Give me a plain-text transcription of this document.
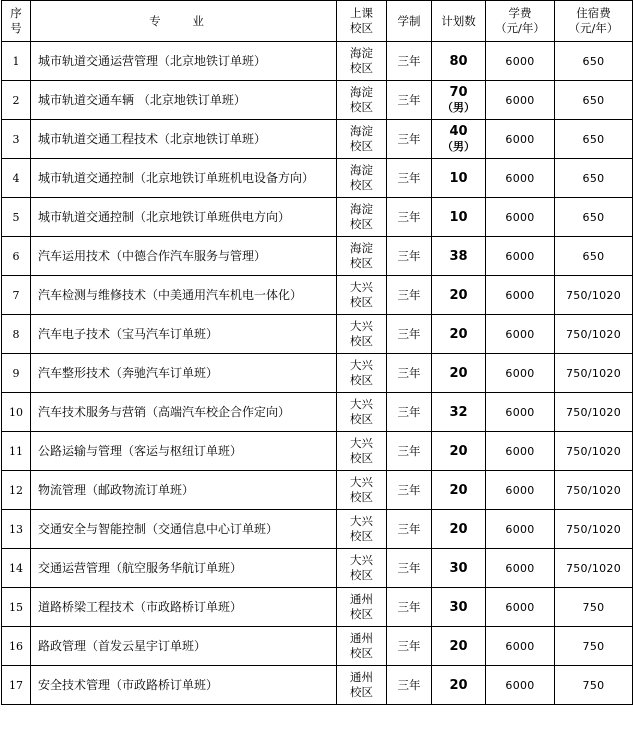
序
号	专 业	上课
校区	学制	计划数	学费
（元/年）	住宿费
（元/年）

1	城市轨道交通运营管理（北京地铁订单班）	海淀
校区	三年	80	6000	650
2	城市轨道交通车辆 （北京地铁订单班）	海淀
校区	三年	70
（男）	6000	650
3	城市轨道交通工程技术（北京地铁订单班）	海淀
校区	三年	40
（男）	6000	650
4	城市轨道交通控制（北京地铁订单班机电设备方向）	海淀
校区	三年	10	6000	650
5	城市轨道交通控制（北京地铁订单班供电方向）	海淀
校区	三年	10	6000	650
6	汽车运用技术（中德合作汽车服务与管理）	海淀
校区	三年	38	6000	650
7	汽车检测与维修技术（中美通用汽车机电一体化）	大兴
校区	三年	20	6000	750/1020
8	汽车电子技术（宝马汽车订单班）	大兴
校区	三年	20	6000	750/1020
9	汽车整形技术（奔驰汽车订单班）	大兴
校区	三年	20	6000	750/1020
10	汽车技术服务与营销（高端汽车校企合作定向）	大兴
校区	三年	32	6000	750/1020
11	公路运输与管理（客运与枢纽订单班）	大兴
校区	三年	20	6000	750/1020
12	物流管理（邮政物流订单班）	大兴
校区	三年	20	6000	750/1020
13	交通安全与智能控制（交通信息中心订单班）	大兴
校区	三年	20	6000	750/1020
14	交通运营管理（航空服务华航订单班）	大兴
校区	三年	30	6000	750/1020
15	道路桥梁工程技术（市政路桥订单班）	通州
校区	三年	30	6000	750
16	路政管理（首发云星宇订单班）	通州
校区	三年	20	6000	750
17	安全技术管理（市政路桥订单班）	通州
校区	三年	20	6000	750
